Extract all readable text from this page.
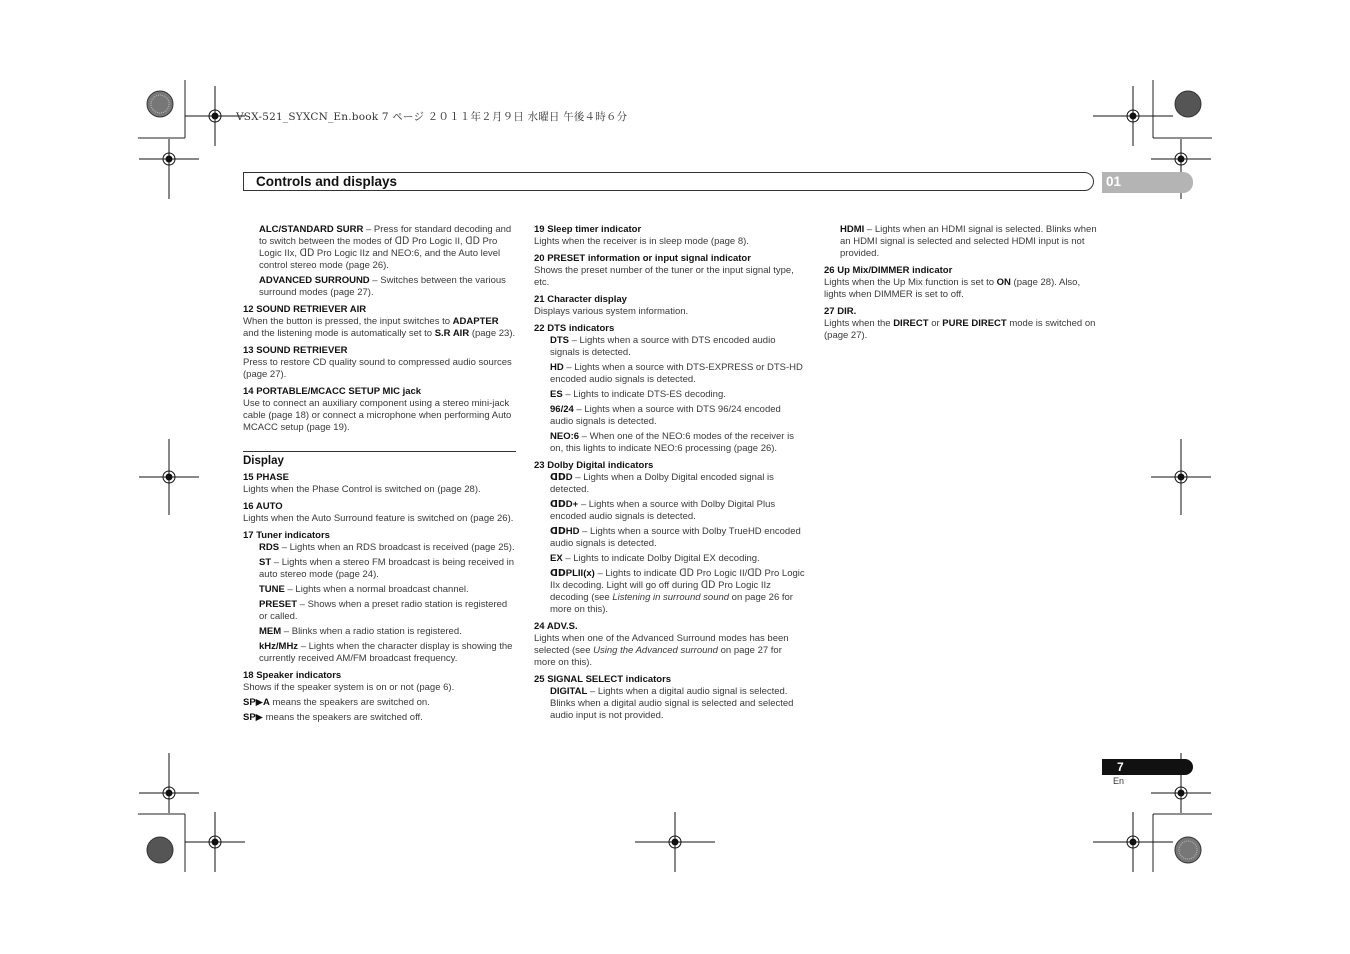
VSX-521_SYXCN_En.book 7 ページ ２０１１年２月９日 水曜日 午後４時６分
Controls and displays	01

ALC/STANDARD SURR – Press for standard decoding and to switch between the modes of ᗡᗞ Pro Logic II, ᗡᗞ Pro Logic IIx, ᗡᗞ Pro Logic IIz and NEO:6, and the Auto level control stereo mode (page 26).

ADVANCED SURROUND – Switches between the various surround modes (page 27).

12 SOUND RETRIEVER AIR

When the button is pressed, the input switches to ADAPTER and the listening mode is automatically set to S.R AIR (page 23).

13 SOUND RETRIEVER

Press to restore CD quality sound to compressed audio sources (page 27).

14 PORTABLE/MCACC SETUP MIC jack

Use to connect an auxiliary component using a stereo mini-jack cable (page 18) or connect a microphone when performing Auto MCACC setup (page 19).

Display

15 PHASE

Lights when the Phase Control is switched on (page 28).

16 AUTO

Lights when the Auto Surround feature is switched on (page 26).

17 Tuner indicators

RDS – Lights when an RDS broadcast is received (page 25).

ST – Lights when a stereo FM broadcast is being received in auto stereo mode (page 24).

TUNE – Lights when a normal broadcast channel.

PRESET – Shows when a preset radio station is registered or called.

MEM – Blinks when a radio station is registered.

kHz/MHz – Lights when the character display is showing the currently received AM/FM broadcast frequency.

18 Speaker indicators

Shows if the speaker system is on or not (page 6).

SP▶A means the speakers are switched on.

SP▶ means the speakers are switched off.

19 Sleep timer indicator

Lights when the receiver is in sleep mode (page 8).

20 PRESET information or input signal indicator

Shows the preset number of the tuner or the input signal type, etc.

21 Character display

Displays various system information.

22 DTS indicators

DTS – Lights when a source with DTS encoded audio signals is detected.

HD – Lights when a source with DTS-EXPRESS or DTS-HD encoded audio signals is detected.

ES – Lights to indicate DTS-ES decoding.

96/24 – Lights when a source with DTS 96/24 encoded audio signals is detected.

NEO:6 – When one of the NEO:6 modes of the receiver is on, this lights to indicate NEO:6 processing (page 26).

23 Dolby Digital indicators

ᗡᗞD – Lights when a Dolby Digital encoded signal is detected.

ᗡᗞD+ – Lights when a source with Dolby Digital Plus encoded audio signals is detected.

ᗡᗞHD – Lights when a source with Dolby TrueHD encoded audio signals is detected.

EX – Lights to indicate Dolby Digital EX decoding.

ᗡᗞPLII(x) – Lights to indicate ᗡᗞ Pro Logic II/ᗡᗞ Pro Logic IIx decoding. Light will go off during ᗡᗞ Pro Logic IIz decoding (see Listening in surround sound on page 26 for more on this).

24 ADV.S.

Lights when one of the Advanced Surround modes has been selected (see Using the Advanced surround on page 27 for more on this).

25 SIGNAL SELECT indicators

DIGITAL – Lights when a digital audio signal is selected. Blinks when a digital audio signal is selected and selected audio input is not provided.

HDMI – Lights when an HDMI signal is selected. Blinks when an HDMI signal is selected and selected HDMI input is not provided.

26 Up Mix/DIMMER indicator

Lights when the Up Mix function is set to ON (page 28). Also, lights when DIMMER is set to off.

27 DIR.

Lights when the DIRECT or PURE DIRECT mode is switched on (page 27).

7
En
